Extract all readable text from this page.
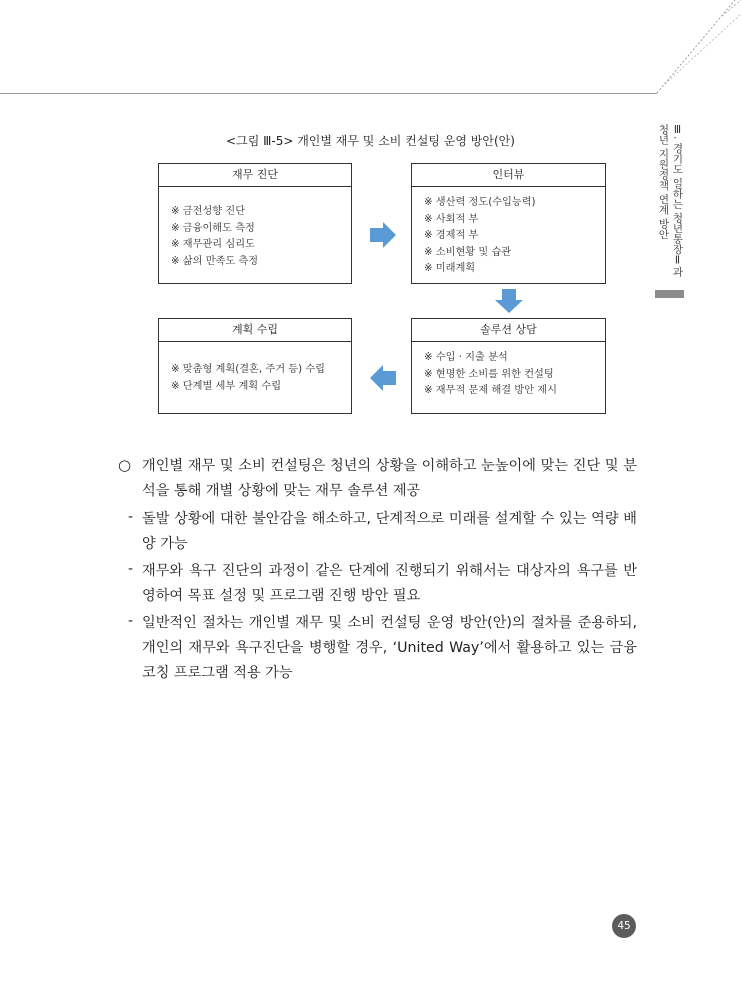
Ⅲ. 경기도 일하는 청년통장Ⅱ과
청년 지원정책 연계 방안
<그림 Ⅲ-5> 개인별 재무 및 소비 컨설팅 운영 방안(안)
재무 진단
※ 금전성향 진단
※ 금융이해도 측정
※ 재무관리 심리도
※ 삶의 만족도 측정
인터뷰
※ 생산력 정도(수입능력)
※ 사회적 부
※ 경제적 부
※ 소비현황 및 습관
※ 미래계획
계획 수립
※ 맞춤형 계획(결혼, 주거 등) 수립
※ 단계별 세부 계획 수립
솔루션 상담
※ 수입 · 지출 분석
※ 현명한 소비를 위한 컨설팅
※ 재무적 문제 해결 방안 제시
○ 개인별 재무 및 소비 컨설팅은 청년의 상황을 이해하고 눈높이에 맞는 진단 및 분석을 통해 개별 상황에 맞는 재무 솔루션 제공
- 돌발 상황에 대한 불안감을 해소하고, 단계적으로 미래를 설계할 수 있는 역량 배양 가능
- 재무와 욕구 진단의 과정이 같은 단계에 진행되기 위해서는 대상자의 욕구를 반영하여 목표 설정 및 프로그램 진행 방안 필요
- 일반적인 절차는 개인별 재무 및 소비 컨설팅 운영 방안(안)의 절차를 준용하되, 개인의 재무와 욕구진단을 병행할 경우, ‘United Way’에서 활용하고 있는 금융코칭 프로그램 적용 가능
45
